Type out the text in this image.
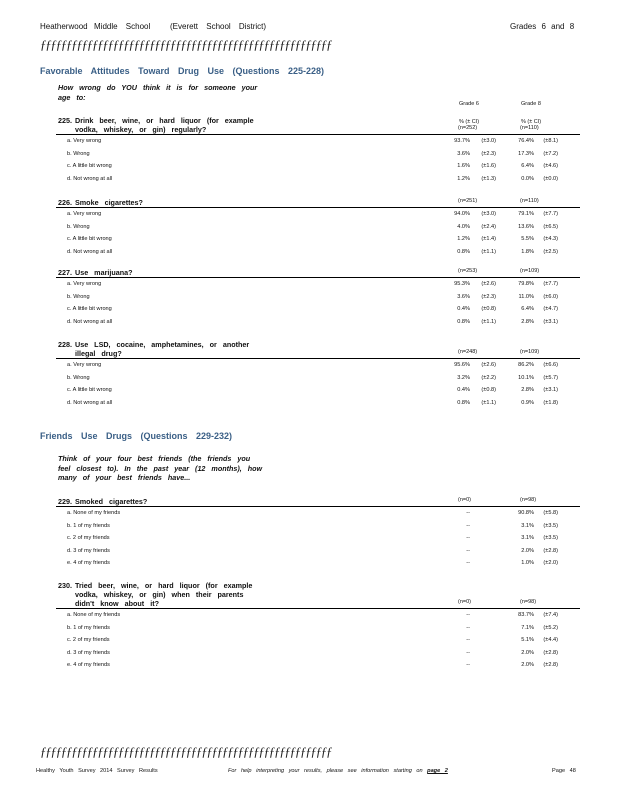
Heatherwood Middle School (Everett School District)	Grades 6 and 8
ƒƒƒƒƒƒƒƒƒƒƒƒƒƒƒƒƒƒƒƒƒƒƒƒƒƒƒƒƒƒƒƒƒƒƒƒƒƒƒƒƒƒƒƒƒƒƒƒƒƒƒƒƒƒƒƒ
Favorable Attitudes Toward Drug Use (Questions 225-228)
How wrong do YOU think it is for someone your
age to:
Grade 6	Grade 8
225. Drink beer, wine, or hard liquor (for example
vodka, whiskey, or gin) regularly?
% (± CI)	% (± CI)
(n=252)	(n=110)
a. Very wrong	93.7% (±3.0)	76.4% (±8.1)
b. Wrong	3.6% (±2.3)	17.3% (±7.2)
c. A little bit wrong	1.6% (±1.6)	6.4% (±4.6)
d. Not wrong at all	1.2% (±1.3)	0.0% (±0.0)
226. Smoke cigarettes?	(n=251)	(n=110)
a. Very wrong	94.0% (±3.0)	79.1% (±7.7)
b. Wrong	4.0% (±2.4)	13.6% (±6.5)
c. A little bit wrong	1.2% (±1.4)	5.5% (±4.3)
d. Not wrong at all	0.8% (±1.1)	1.8% (±2.5)
227. Use marijuana?	(n=253)	(n=109)
a. Very wrong	95.3% (±2.6)	79.8% (±7.7)
b. Wrong	3.6% (±2.3)	11.0% (±6.0)
c. A little bit wrong	0.4% (±0.8)	6.4% (±4.7)
d. Not wrong at all	0.8% (±1.1)	2.8% (±3.1)
228. Use LSD, cocaine, amphetamines, or another
illegal drug?	(n=248)	(n=109)
a. Very wrong	95.6% (±2.6)	86.2% (±6.6)
b. Wrong	3.2% (±2.2)	10.1% (±5.7)
c. A little bit wrong	0.4% (±0.8)	2.8% (±3.1)
d. Not wrong at all	0.8% (±1.1)	0.9% (±1.8)
Friends Use Drugs (Questions 229-232)
Think of your four best friends (the friends you
feel closest to). In the past year (12 months), how
many of your best friends have...
229. Smoked cigarettes?	(n=0)	(n=98)
a. None of my friends	--	90.8% (±5.8)
b. 1 of my friends	--	3.1% (±3.5)
c. 2 of my friends	--	3.1% (±3.5)
d. 3 of my friends	--	2.0% (±2.8)
e. 4 of my friends	--	1.0% (±2.0)
230. Tried beer, wine, or hard liquor (for example
vodka, whiskey, or gin) when their parents
didn't know about it?	(n=0)	(n=98)
a. None of my friends	--	83.7% (±7.4)
b. 1 of my friends	--	7.1% (±5.2)
c. 2 of my friends	--	5.1% (±4.4)
d. 3 of my friends	--	2.0% (±2.8)
e. 4 of my friends	--	2.0% (±2.8)
ƒƒƒƒƒƒƒƒƒƒƒƒƒƒƒƒƒƒƒƒƒƒƒƒƒƒƒƒƒƒƒƒƒƒƒƒƒƒƒƒƒƒƒƒƒƒƒƒƒƒƒƒƒƒƒƒ
Healthy Youth Survey 2014 Survey Results	For help interpreting your results, please see information starting on page 2	Page 48
